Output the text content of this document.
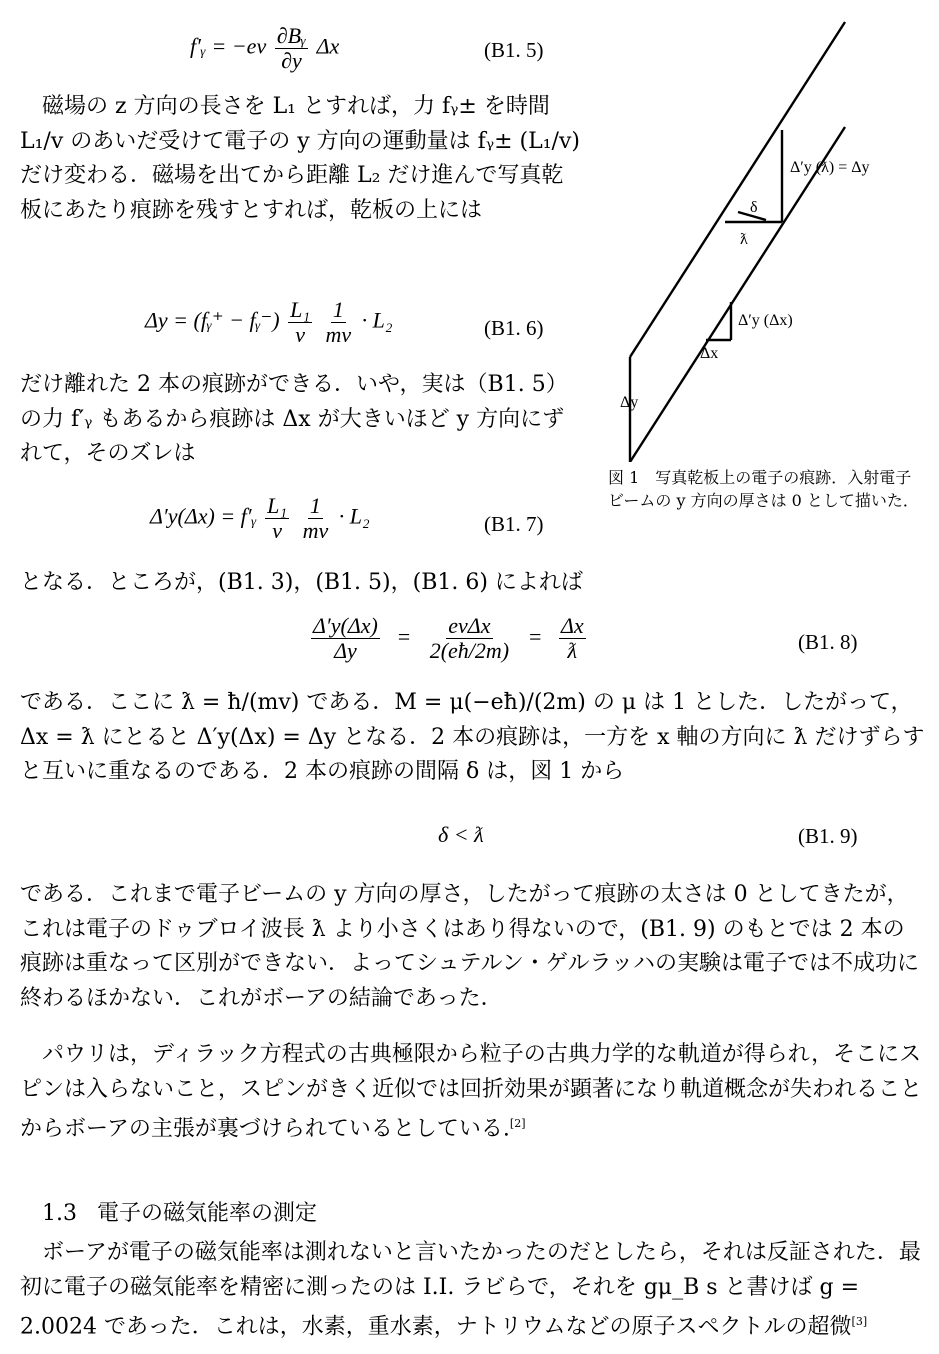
f′ᵧ = $-ev \frac{\text{∂Bᵧ}}{\partial y}$ Δx	(B1. 5)

磁場の z 方向の長さを L₁ とすれば，力 fᵧ± を時間 L₁/v のあいだ受けて電子の y 方向の運動量は fᵧ± (L₁/v) だけ変わる．磁場を出てから距離 L₂ だけ進んで写真乾板にあたり痕跡を残すとすれば，乾板の上には

Δy = (fᵧ⁺ − fᵧ⁻) $\frac{\text{L₁}}{v}$
$\frac{1}{mv} \cdot L_2$	(B1. 6)

だけ離れた 2 本の痕跡ができる．いや，実は（B1. 5）の力 f′ᵧ もあるから痕跡は Δx が大きいほど y 方向にずれて，そのズレは

Δ′y(Δx) = f′ᵧ $\frac{\text{L₁}}{v}$
$\frac{1}{mv} \cdot L_2$	(B1. 7)

となる．ところが，(B1. 3)，(B1. 5)，(B1. 6) によれば

$\frac{\Delta'y(\Delta x)}{\Delta y} = \frac{\text{evΔx}}{2(eħ/2m)} = \frac{\Delta x}{ƛ}$	(B1. 8)

である．ここに ƛ = ħ/(mv) である．M = μ(−eħ)/(2m) の μ は 1 とした．したがって，Δx = ƛ にとると Δ′y(Δx) = Δy となる．2 本の痕跡は，一方を x 軸の方向に ƛ だけずらすと互いに重なるのである．2 本の痕跡の間隔 δ は，図 1 から

δ < ƛ	(B1. 9)

である．これまで電子ビームの y 方向の厚さ，したがって痕跡の太さは 0 としてきたが，これは電子のドゥブロイ波長 ƛ より小さくはあり得ないので，(B1. 9) のもとでは 2 本の痕跡は重なって区別ができない．よってシュテルン・ゲルラッハの実験は電子では不成功に終わるほかない．これがボーアの結論であった．

パウリは，ディラック方程式の古典極限から粒子の古典力学的な軌道が得られ，そこにスピンは入らないこと，スピンがきく近似では回折効果が顕著になり軌道概念が失われることからボーアの主張が裏づけられているとしている.[2]

1.3 電子の磁気能率の測定

ボーアが電子の磁気能率は測れないと言いたかったのだとしたら，それは反証された．最初に電子の磁気能率を精密に測ったのは I.I. ラビらで，それを gμ_B s と書けば g = 2.0024 であった．これは，水素，重水素，ナトリウムなどの原子スペクトルの超微[3]

Δ′y (ƛ) = Δy
δ
ƛ
Δ′y (Δx)
Δx
Δy

図 1　写真乾板上の電子の痕跡．入射電子ビームの y 方向の厚さは 0 として描いた．
